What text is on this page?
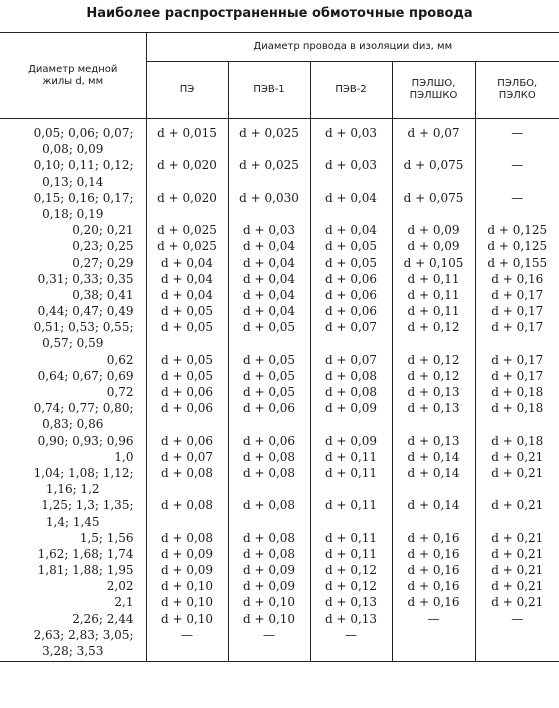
Наиболее распространенные обмоточные провода
Диаметр медной жилы d, мм	Диаметр провода в изоляции dиз, мм				
	ПЭ	ПЭВ-1	ПЭВ-2	ПЭЛШО, ПЭЛШКО	ПЭЛБО, ПЭЛКО
0,05; 0,06; 0,07;	d + 0,015	d + 0,025	d + 0,03	d + 0,07	—
0,08; 0,09					
0,10; 0,11; 0,12;	d + 0,020	d + 0,025	d + 0,03	d + 0,075	—
0,13; 0,14					
0,15; 0,16; 0,17;	d + 0,020	d + 0,030	d + 0,04	d + 0,075	—
0,18; 0,19					
0,20; 0,21	d + 0,025	d + 0,03	d + 0,04	d + 0,09	d + 0,125
0,23; 0,25	d + 0,025	d + 0,04	d + 0,05	d + 0,09	d + 0,125
0,27; 0,29	d + 0,04	d + 0,04	d + 0,05	d + 0,105	d + 0,155
0,31; 0,33; 0,35	d + 0,04	d + 0,04	d + 0,06	d + 0,11	d + 0,16
0,38; 0,41	d + 0,04	d + 0,04	d + 0,06	d + 0,11	d + 0,17
0,44; 0,47; 0,49	d + 0,05	d + 0,04	d + 0,06	d + 0,11	d + 0,17
0,51; 0,53; 0,55;	d + 0,05	d + 0,05	d + 0,07	d + 0,12	d + 0,17
0,57; 0,59					
0,62	d + 0,05	d + 0,05	d + 0,07	d + 0,12	d + 0,17
0,64; 0,67; 0,69	d + 0,05	d + 0,05	d + 0,08	d + 0,12	d + 0,17
0,72	d + 0,06	d + 0,05	d + 0,08	d + 0,13	d + 0,18
0,74; 0,77; 0,80;	d + 0,06	d + 0,06	d + 0,09	d + 0,13	d + 0,18
0,83; 0,86					
0,90; 0,93; 0,96	d + 0,06	d + 0,06	d + 0,09	d + 0,13	d + 0,18
1,0	d + 0,07	d + 0,08	d + 0,11	d + 0,14	d + 0,21
1,04; 1,08; 1,12;	d + 0,08	d + 0,08	d + 0,11	d + 0,14	d + 0,21
1,16; 1,2					
1,25; 1,3; 1,35;	d + 0,08	d + 0,08	d + 0,11	d + 0,14	d + 0,21
1,4; 1,45					
1,5; 1,56	d + 0,08	d + 0,08	d + 0,11	d + 0,16	d + 0,21
1,62; 1,68; 1,74	d + 0,09	d + 0,08	d + 0,11	d + 0,16	d + 0,21
1,81; 1,88; 1,95	d + 0,09	d + 0,09	d + 0,12	d + 0,16	d + 0,21
2,02	d + 0,10	d + 0,09	d + 0,12	d + 0,16	d + 0,21
2,1	d + 0,10	d + 0,10	d + 0,13	d + 0,16	d + 0,21
2,26; 2,44	d + 0,10	d + 0,10	d + 0,13	—	—
2,63; 2,83; 3,05;	—	—	—		
3,28; 3,53					
